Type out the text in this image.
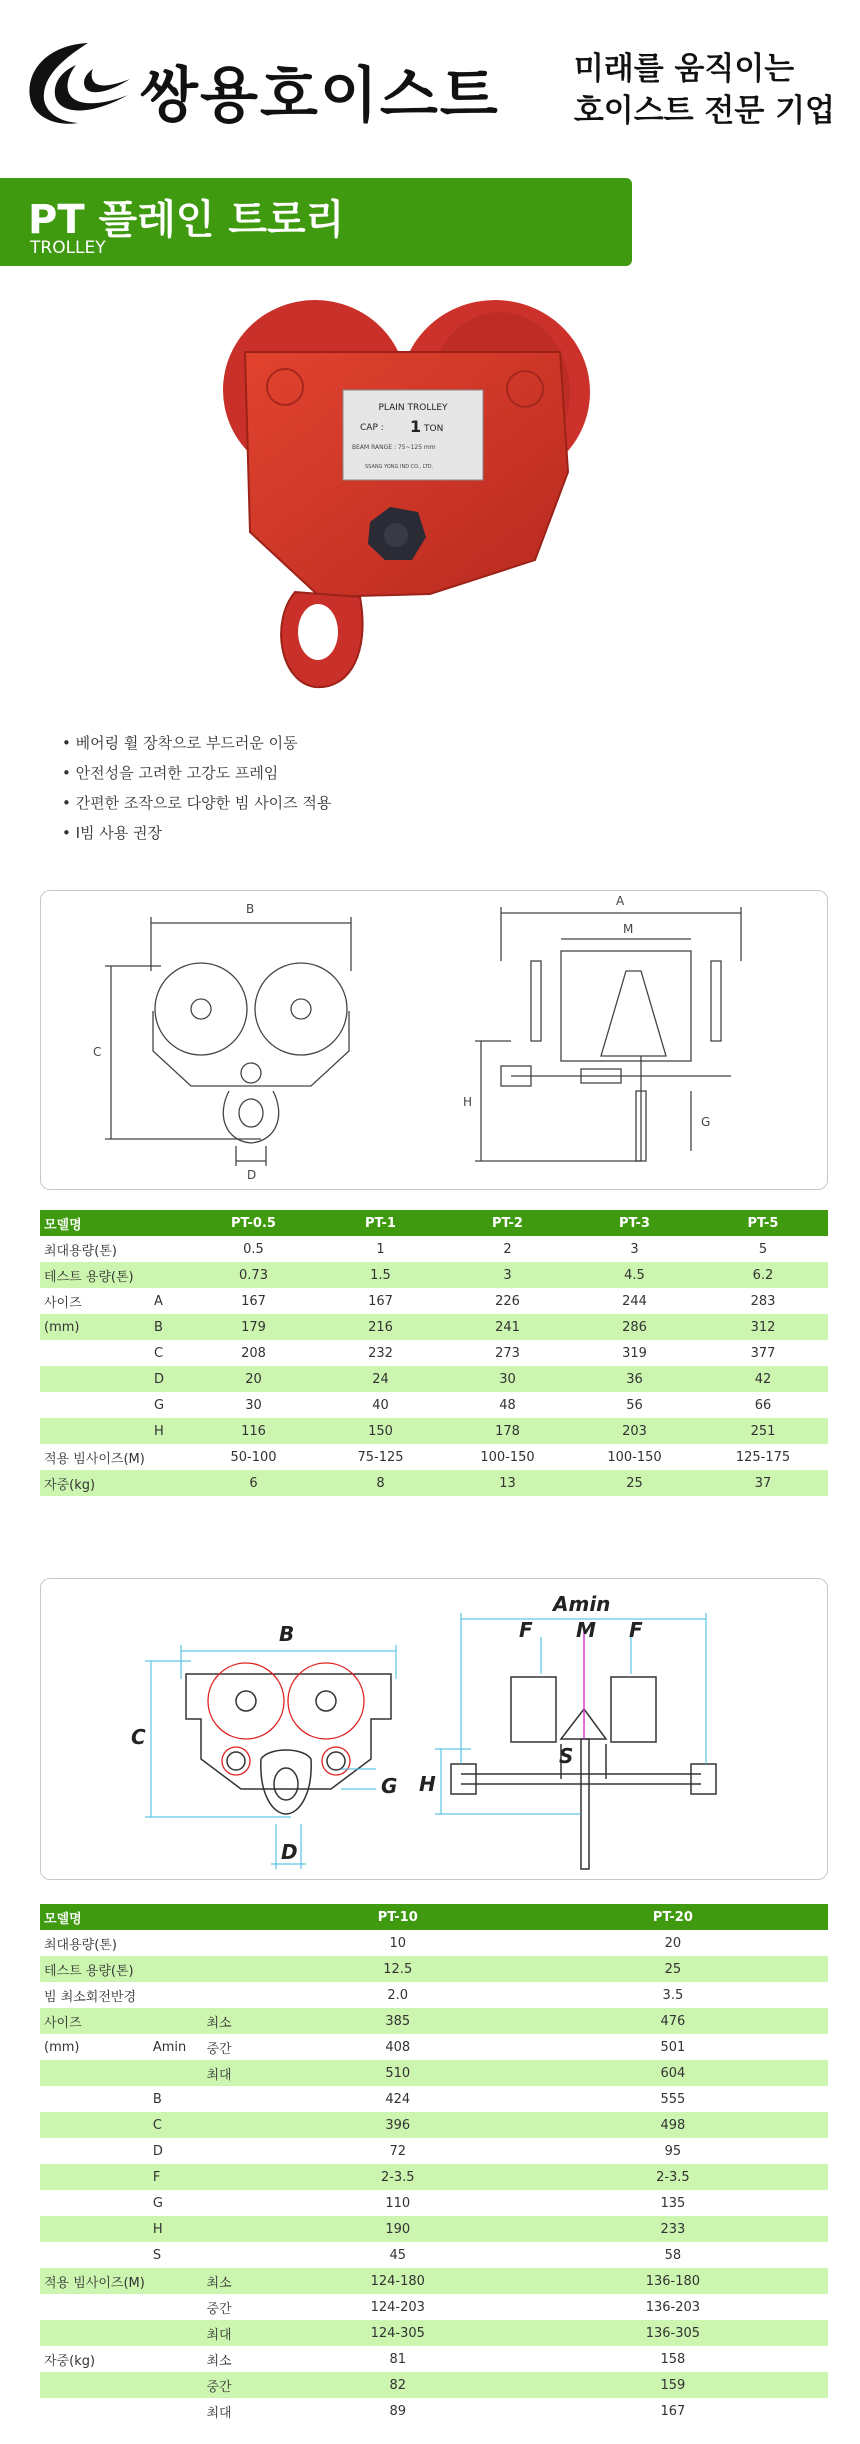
쌍용호이스트 미래를 움직이는
호이스트 전문 기업
PT 플레인 트로리
TROLLEY
PLAIN TROLLEY
CAP : 1 TON
BEAM RANGE : 75~125 mm
SSANG YONG IND CO., LTD.
• 베어링 휠 장착으로 부드러운 이동
• 안전성을 고려한 고강도 프레임
• 간편한 조작으로 다양한 빔 사이즈 적용
• I빔 사용 권장
B
C
D
A
M
H
G
모델명		PT-0.5	PT-1	PT-2	PT-3	PT-5
최대용량(톤)		0.5	1	2	3	5
테스트 용량(톤)		0.73	1.5	3	4.5	6.2
사이즈	A	167	167	226	244	283
(mm)	B	179	216	241	286	312
	C	208	232	273	319	377
	D	20	24	30	36	42
	G	30	40	48	56	66
	H	116	150	178	203	251
적용 빔사이즈(M)		50-100	75-125	100-150	100-150	125-175
자중(kg)		6	8	13	25	37
B
C
D
G
Amin
F M F
H
S
모델명			PT-10	PT-20
최대용량(톤)			10	20
테스트 용량(톤)			12.5	25
빔 최소회전반경			2.0	3.5
사이즈		최소	385	476
(mm)	Amin	중간	408	501
		최대	510	604
	B		424	555
	C		396	498
	D		72	95
	F		2-3.5	2-3.5
	G		110	135
	H		190	233
	S		45	58
적용 빔사이즈(M)		최소	124-180	136-180
		중간	124-203	136-203
		최대	124-305	136-305
자중(kg)		최소	81	158
		중간	82	159
		최대	89	167
